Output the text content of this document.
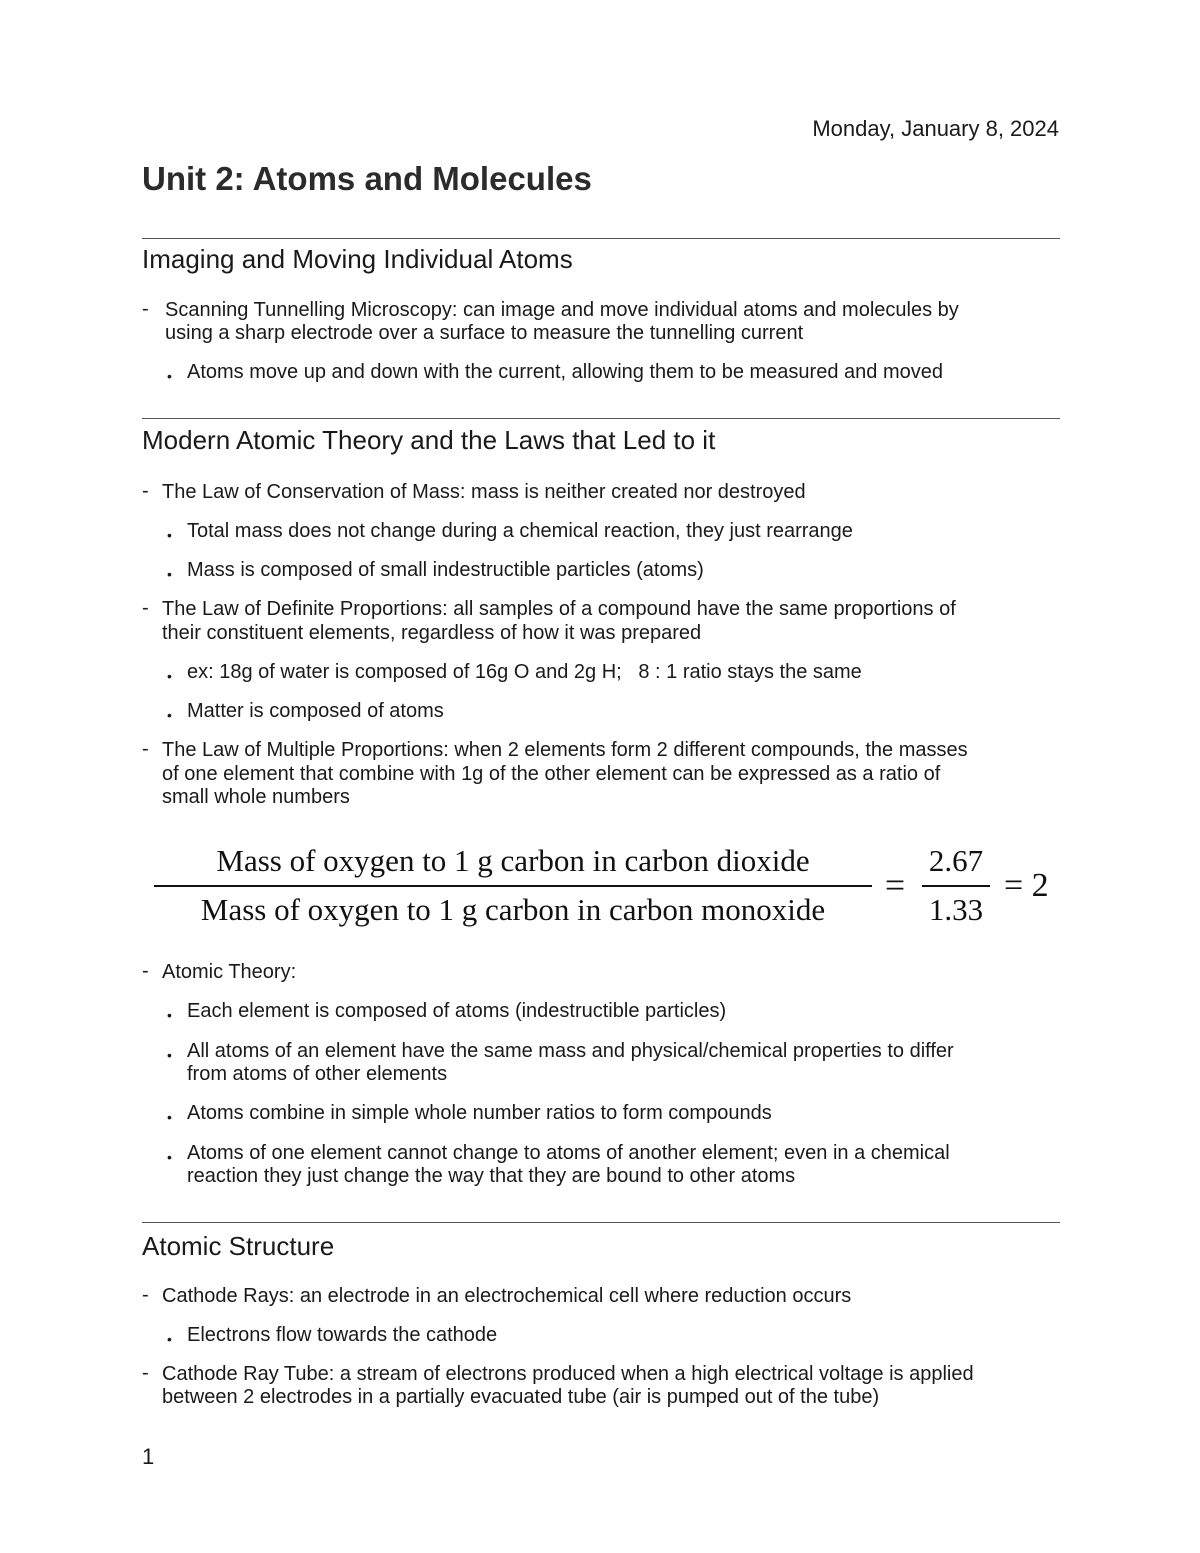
Monday, January 8, 2024
Unit 2: Atoms and Molecules
Imaging and Moving Individual Atoms
- Scanning Tunnelling Microscopy: can image and move individual atoms and molecules by
using a sharp electrode over a surface to measure the tunnelling current
• Atoms move up and down with the current, allowing them to be measured and moved
Modern Atomic Theory and the Laws that Led to it
- The Law of Conservation of Mass: mass is neither created nor destroyed
• Total mass does not change during a chemical reaction, they just rearrange
• Mass is composed of small indestructible particles (atoms)
- The Law of Definite Proportions: all samples of a compound have the same proportions of
their constituent elements, regardless of how it was prepared
• ex: 18g of water is composed of 16g O and 2g H;   8 : 1 ratio stays the same
• Matter is composed of atoms
- The Law of Multiple Proportions: when 2 elements form 2 different compounds, the masses
of one element that combine with 1g of the other element can be expressed as a ratio of
small whole numbers
Mass of oxygen to 1 g carbon in carbon dioxide
Mass of oxygen to 1 g carbon in carbon monoxide
=
2.67
1.33
= 2
- Atomic Theory:
• Each element is composed of atoms (indestructible particles)
• All atoms of an element have the same mass and physical/chemical properties to differ
from atoms of other elements
• Atoms combine in simple whole number ratios to form compounds
• Atoms of one element cannot change to atoms of another element; even in a chemical
reaction they just change the way that they are bound to other atoms
Atomic Structure
- Cathode Rays: an electrode in an electrochemical cell where reduction occurs
• Electrons flow towards the cathode
- Cathode Ray Tube: a stream of electrons produced when a high electrical voltage is applied
between 2 electrodes in a partially evacuated tube (air is pumped out of the tube)
1
